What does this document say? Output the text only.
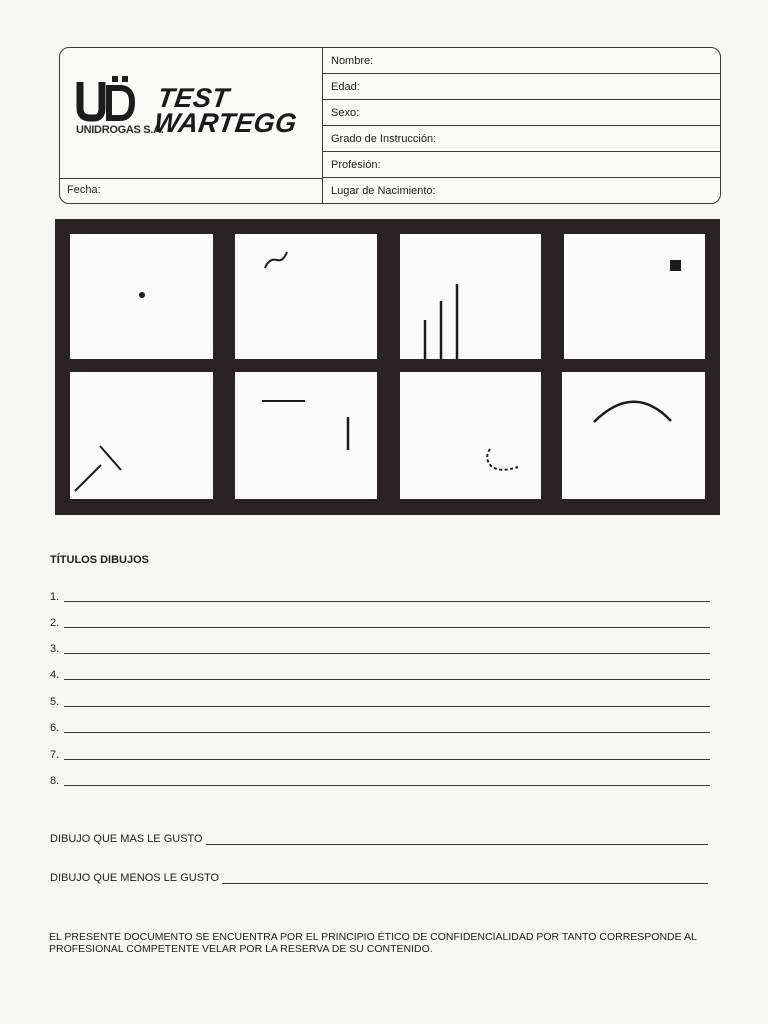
UNIDROGAS S.A.
TEST
WARTEGG
Fecha:
Nombre:
Edad:
Sexo:
Grado de Instrucción:
Profesión:
Lugar de Nacimiento:
TÍTULOS DIBUJOS
1.
2.
3.
4.
5.
6.
7.
8.
DIBUJO QUE MAS LE GUSTO
DIBUJO QUE MENOS LE GUSTO
EL PRESENTE DOCUMENTO SE ENCUENTRA POR EL PRINCIPIO ÉTICO DE CONFIDENCIALIDAD POR TANTO CORRESPONDE AL PROFESIONAL COMPETENTE VELAR POR LA RESERVA DE SU CONTENIDO.
